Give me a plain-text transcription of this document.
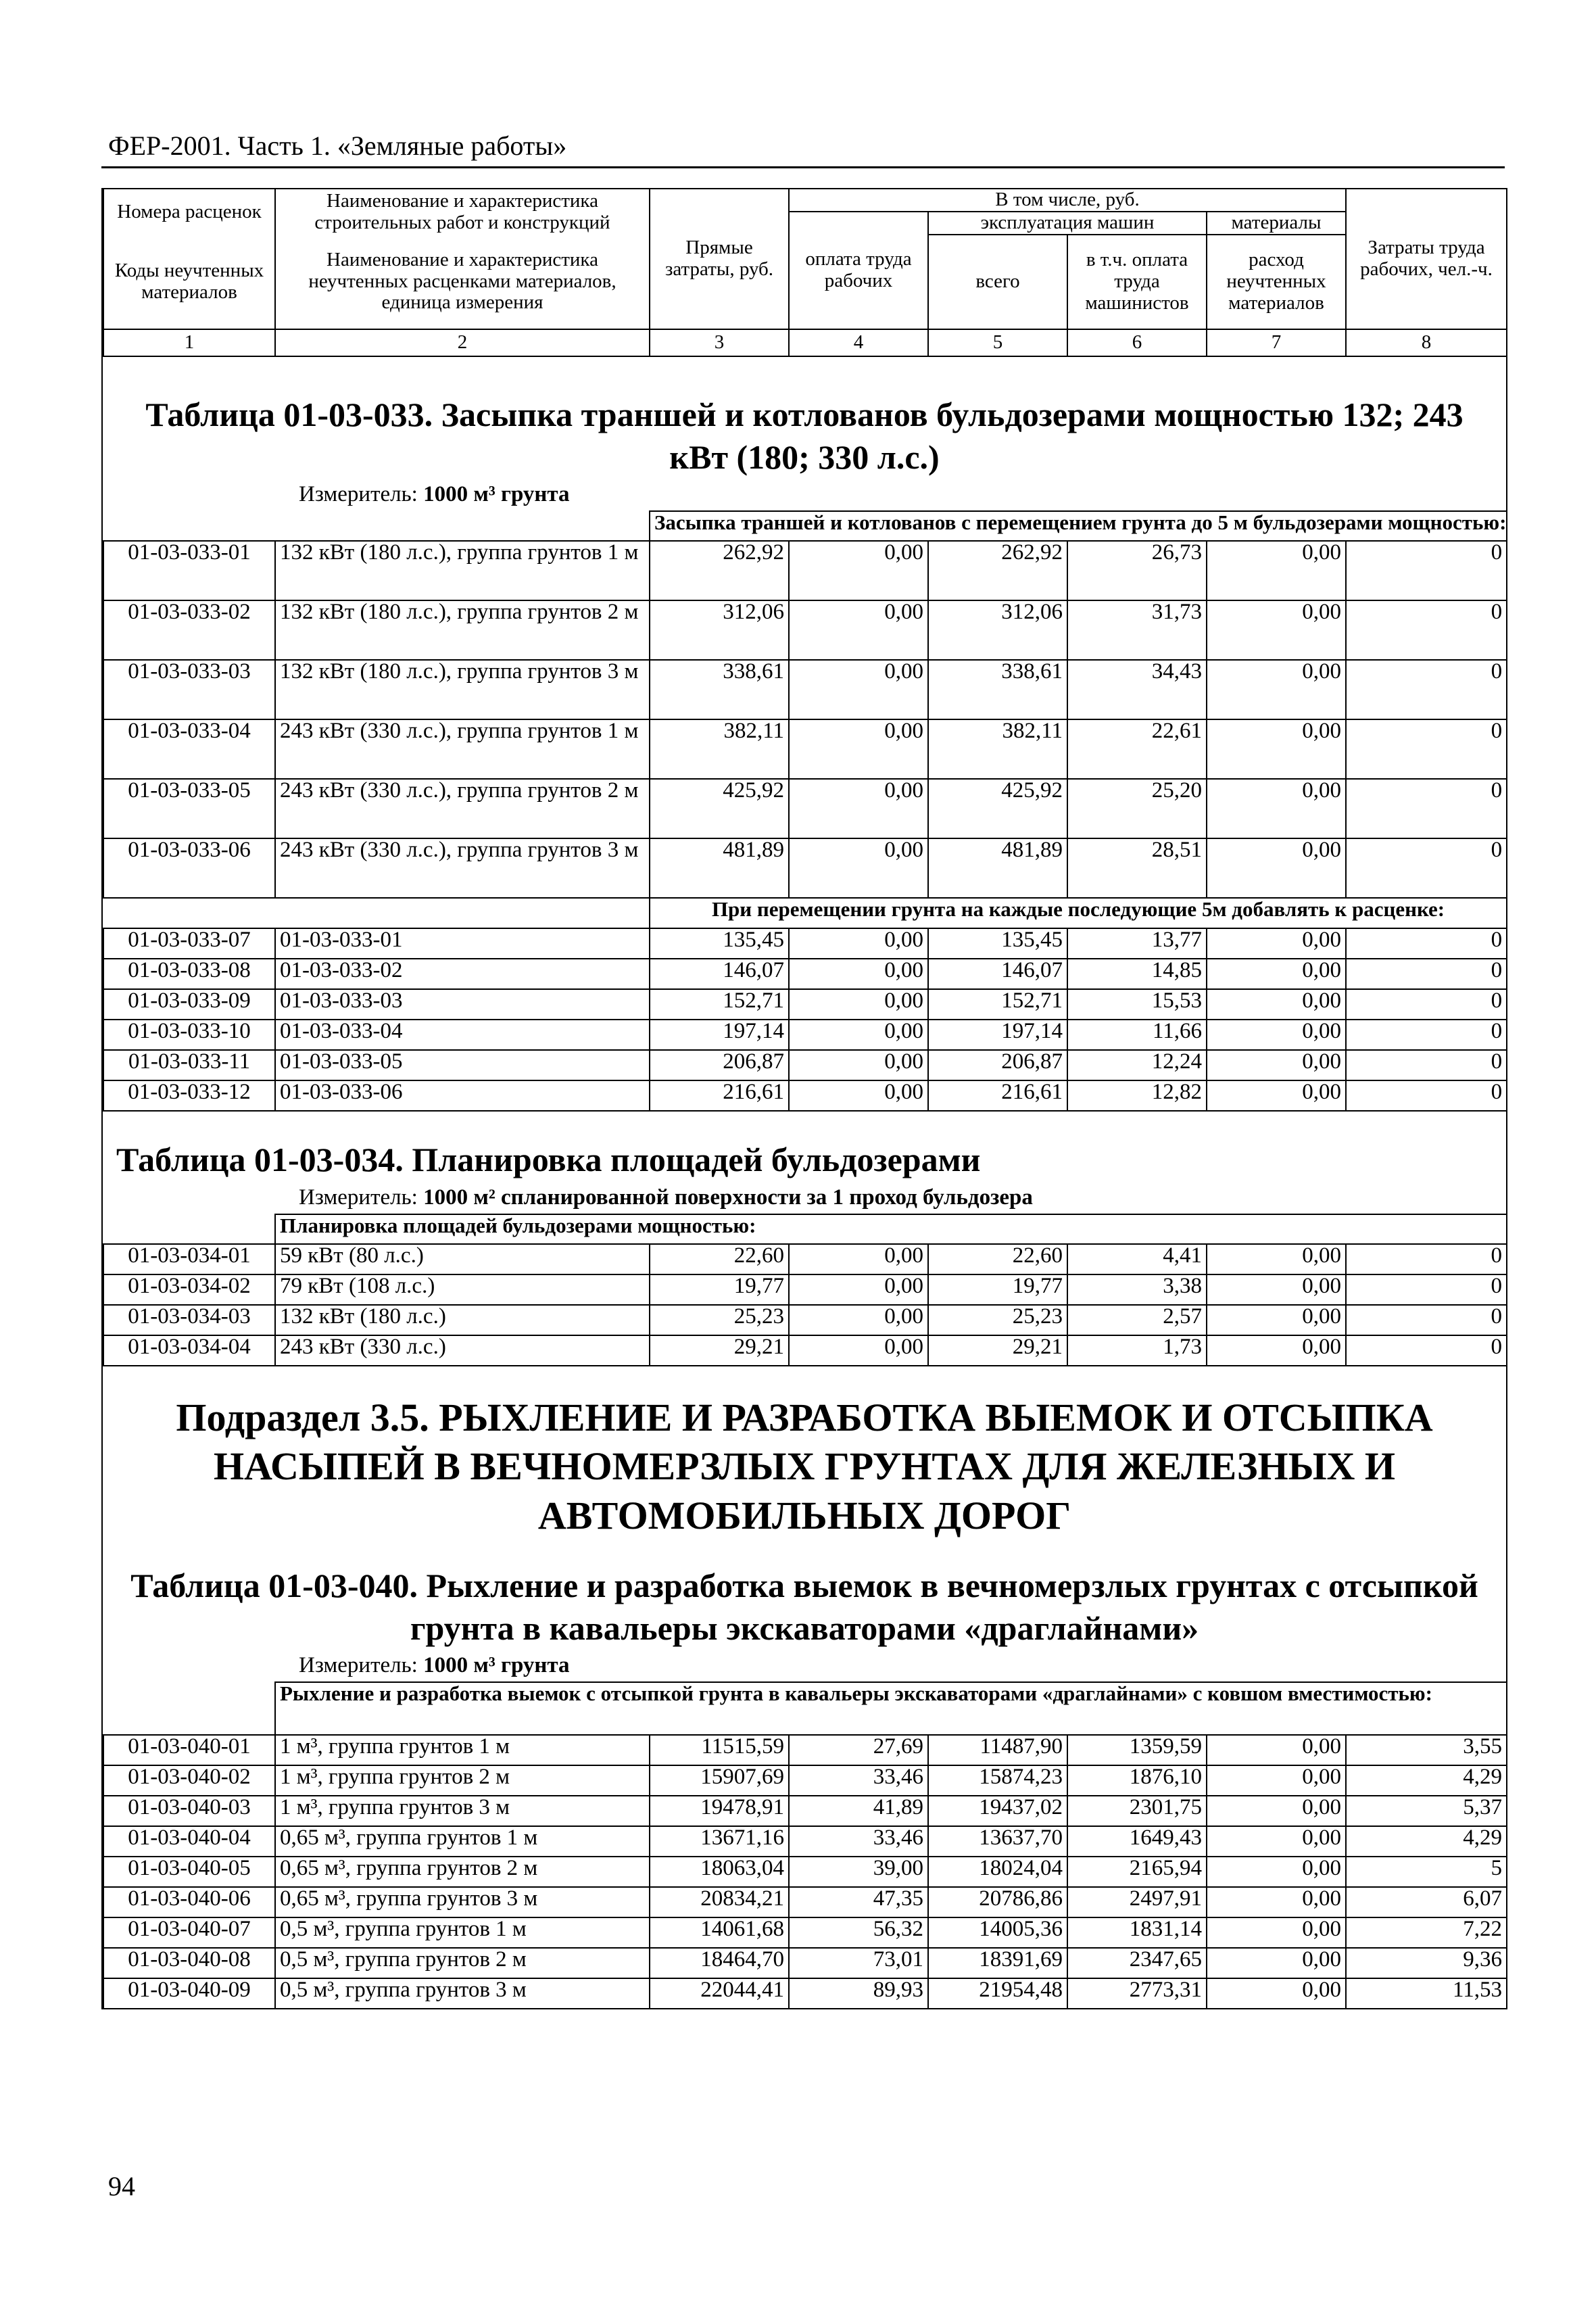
ФЕР-2001. Часть 1. «Земляные работы»
Номера расценок	Наименование и характеристика строительных работ и конструкций	Прямые затраты, руб.	В том числе, руб.				Затраты труда рабочих, чел.-ч.
			оплата труда рабочих	эксплуатация машин		материалы	
Коды неучтенных материалов	Наименование и характеристика неучтенных расценками материалов, единица измерения			всего	в т.ч. оплата труда машинистов	расход неучтенных материалов	

1	2	3	4	5	6	7	8
Таблица 01-03-033. Засыпка траншей и котлованов бульдозерами мощностью 132; 243 кВт (180; 330 л.с.)
Измеритель: 1000 м³ грунта
		Засыпка траншей и котлованов с перемещением грунта до 5 м бульдозерами мощностью:					
01-03-033-01	132 кВт (180 л.с.), группа грунтов 1 м	262,92	0,00	262,92	26,73	0,00	0
01-03-033-02	132 кВт (180 л.с.), группа грунтов 2 м	312,06	0,00	312,06	31,73	0,00	0
01-03-033-03	132 кВт (180 л.с.), группа грунтов 3 м	338,61	0,00	338,61	34,43	0,00	0
01-03-033-04	243 кВт (330 л.с.), группа грунтов 1 м	382,11	0,00	382,11	22,61	0,00	0
01-03-033-05	243 кВт (330 л.с.), группа грунтов 2 м	425,92	0,00	425,92	25,20	0,00	0
01-03-033-06	243 кВт (330 л.с.), группа грунтов 3 м	481,89	0,00	481,89	28,51	0,00	0
		При перемещении грунта на каждые последующие 5м добавлять к расценке:					
01-03-033-07	01-03-033-01	135,45	0,00	135,45	13,77	0,00	0
01-03-033-08	01-03-033-02	146,07	0,00	146,07	14,85	0,00	0
01-03-033-09	01-03-033-03	152,71	0,00	152,71	15,53	0,00	0
01-03-033-10	01-03-033-04	197,14	0,00	197,14	11,66	0,00	0
01-03-033-11	01-03-033-05	206,87	0,00	206,87	12,24	0,00	0
01-03-033-12	01-03-033-06	216,61	0,00	216,61	12,82	0,00	0
Таблица 01-03-034. Планировка площадей бульдозерами
Измеритель: 1000 м² спланированной поверхности за 1 проход бульдозера
	Планировка площадей бульдозерами мощностью:						
01-03-034-01	59 кВт (80 л.с.)	22,60	0,00	22,60	4,41	0,00	0
01-03-034-02	79 кВт (108 л.с.)	19,77	0,00	19,77	3,38	0,00	0
01-03-034-03	132 кВт (180 л.с.)	25,23	0,00	25,23	2,57	0,00	0
01-03-034-04	243 кВт (330 л.с.)	29,21	0,00	29,21	1,73	0,00	0
Подраздел 3.5. РЫХЛЕНИЕ И РАЗРАБОТКА ВЫЕМОК И ОТСЫПКА НАСЫПЕЙ В ВЕЧНОМЕРЗЛЫХ ГРУНТАХ ДЛЯ ЖЕЛЕЗНЫХ И АВТОМОБИЛЬНЫХ ДОРОГ
Таблица 01-03-040. Рыхление и разработка выемок в вечномерзлых грунтах с отсыпкой грунта в кавальеры экскаваторами «драглайнами»
Измеритель: 1000 м³ грунта
	Рыхление и разработка выемок с отсыпкой грунта в кавальеры экскаваторами «драглайнами» с ковшом вместимостью:						
01-03-040-01	1 м³, группа грунтов 1 м	11515,59	27,69	11487,90	1359,59	0,00	3,55
01-03-040-02	1 м³, группа грунтов 2 м	15907,69	33,46	15874,23	1876,10	0,00	4,29
01-03-040-03	1 м³, группа грунтов 3 м	19478,91	41,89	19437,02	2301,75	0,00	5,37
01-03-040-04	0,65 м³, группа грунтов 1 м	13671,16	33,46	13637,70	1649,43	0,00	4,29
01-03-040-05	0,65 м³, группа грунтов 2 м	18063,04	39,00	18024,04	2165,94	0,00	5
01-03-040-06	0,65 м³, группа грунтов 3 м	20834,21	47,35	20786,86	2497,91	0,00	6,07
01-03-040-07	0,5 м³, группа грунтов 1 м	14061,68	56,32	14005,36	1831,14	0,00	7,22
01-03-040-08	0,5 м³, группа грунтов 2 м	18464,70	73,01	18391,69	2347,65	0,00	9,36
01-03-040-09	0,5 м³, группа грунтов 3 м	22044,41	89,93	21954,48	2773,31	0,00	11,53
94
